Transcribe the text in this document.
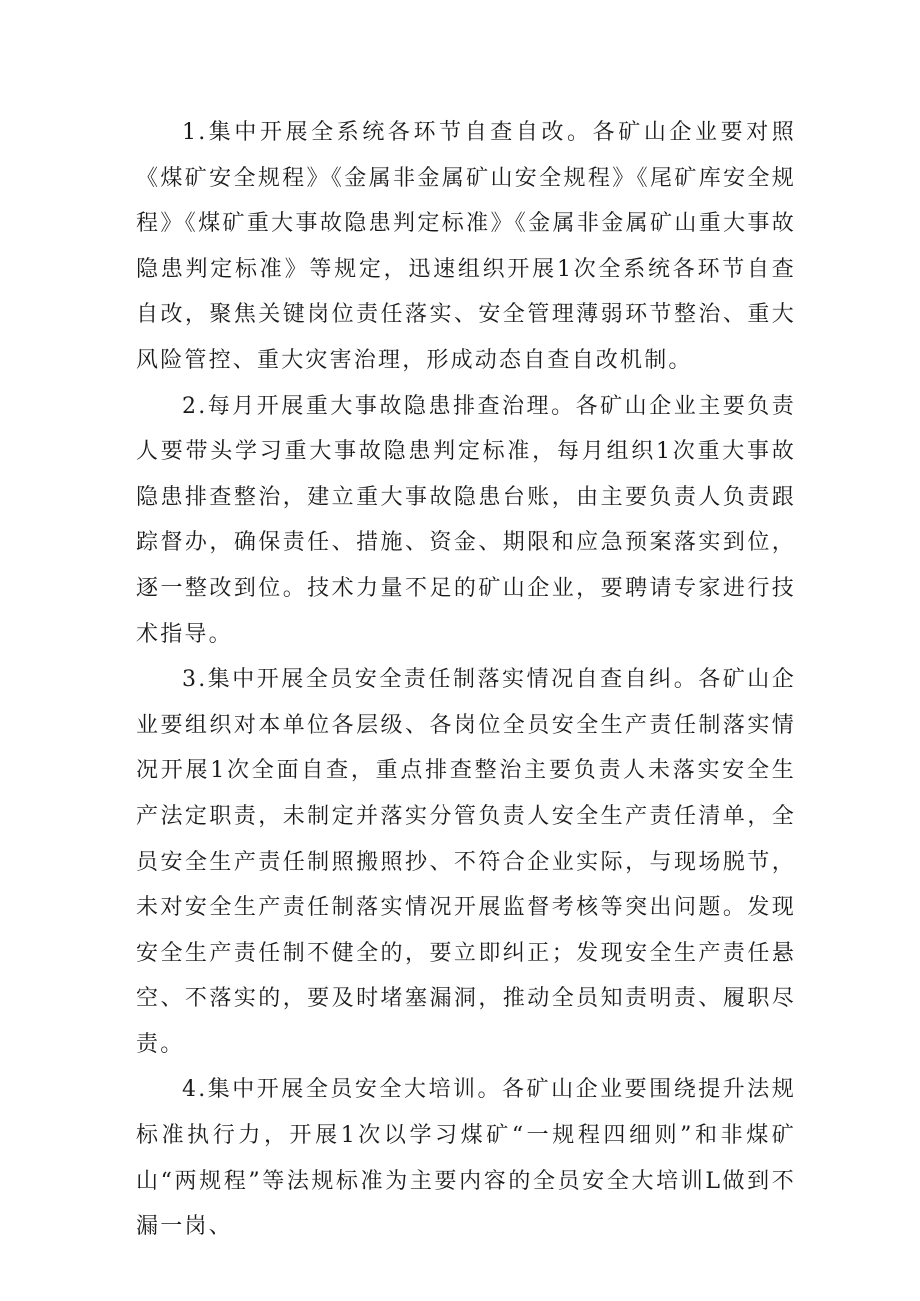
1.集中开展全系统各环节自查自改。各矿山企业要对照《煤矿安全规程》《金属非金属矿山安全规程》《尾矿库安全规程》《煤矿重大事故隐患判定标准》《金属非金属矿山重大事故隐患判定标准》等规定，迅速组织开展1次全系统各环节自查自改，聚焦关键岗位责任落实、安全管理薄弱环节整治、重大风险管控、重大灾害治理，形成动态自查自改机制。

2.每月开展重大事故隐患排查治理。各矿山企业主要负责人要带头学习重大事故隐患判定标准，每月组织1次重大事故隐患排查整治，建立重大事故隐患台账，由主要负责人负责跟踪督办，确保责任、措施、资金、期限和应急预案落实到位，逐一整改到位。技术力量不足的矿山企业，要聘请专家进行技术指导。

3.集中开展全员安全责任制落实情况自查自纠。各矿山企业要组织对本单位各层级、各岗位全员安全生产责任制落实情况开展1次全面自查，重点排查整治主要负责人未落实安全生产法定职责，未制定并落实分管负责人安全生产责任清单，全员安全生产责任制照搬照抄、不符合企业实际，与现场脱节，未对安全生产责任制落实情况开展监督考核等突出问题。发现安全生产责任制不健全的，要立即纠正；发现安全生产责任悬空、不落实的，要及时堵塞漏洞，推动全员知责明责、履职尽责。

4.集中开展全员安全大培训。各矿山企业要围绕提升法规标准执行力，开展1次以学习煤矿“一规程四细则”和非煤矿山“两规程”等法规标准为主要内容的全员安全大培训L做到不漏一岗、
